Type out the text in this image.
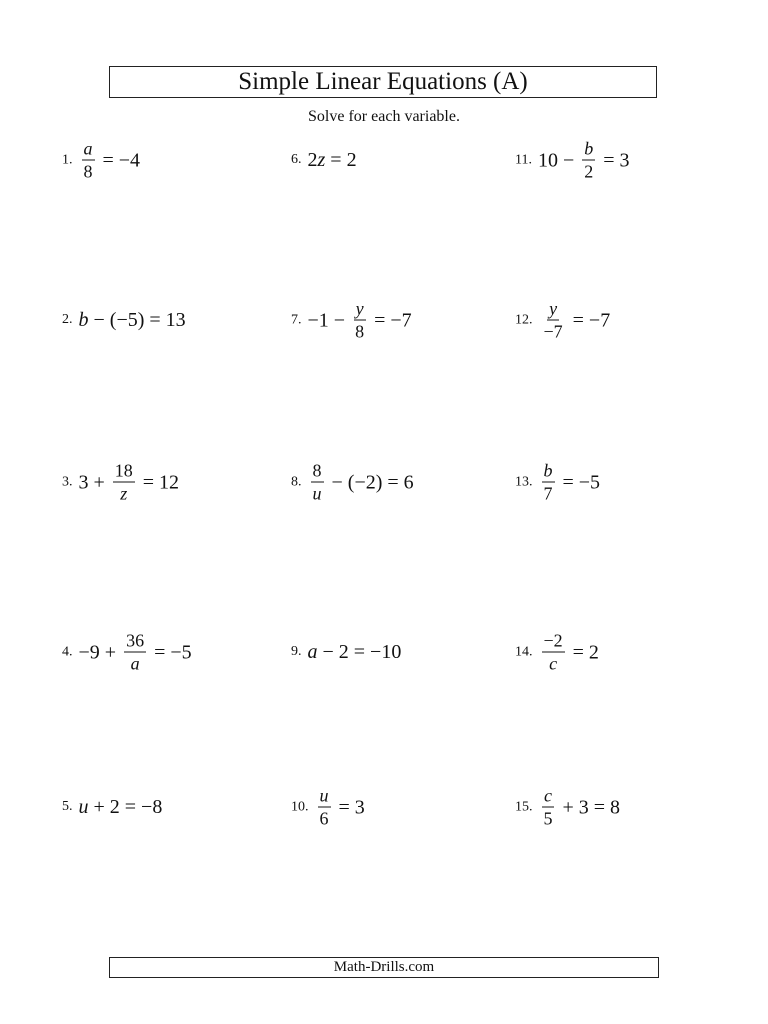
Simple Linear Equations (A)
Solve for each variable.
1. $\frac{a}{8} = -4$
2. b − (−5) = 13
3. $3 + \frac{18}{z} = 12$
4. $-9 + \frac{36}{a} = -5$
5. u + 2 = −8
6. 2z = 2
7. $-1 - \frac{y}{8} = -7$
8. $\frac{8}{u} - (-2) = 6$
9. a − 2 = −10
10. $\frac{u}{6} = 3$
11. $10 - \frac{b}{2} = 3$
12. $\frac{y}{-7} = -7$
13. $\frac{b}{7} = -5$
14. $\frac{-2}{c} = 2$
15. $\frac{c}{5} + 3 = 8$
Math-Drills.com
